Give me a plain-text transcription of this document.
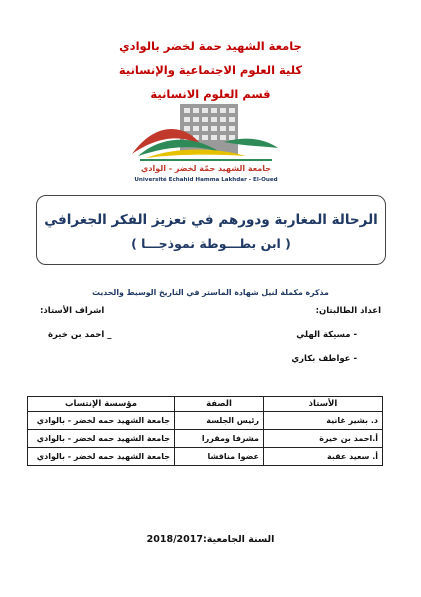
جامعة الشهيد حمة لخضر بالوادي
كلية العلوم الاجتماعية والإنسانية
قسم العلوم الانسانية
جامعة الشهيد حمّة لخضر - الوادي
Université Echahid Hamma Lakhdar - El-Oued
الرحالة المغاربة ودورهم في تعزيز الفكر الجغرافي
( ابن بطـــوطة نموذجـــا )
مذكرة مكملة لنيل شهادة الماستر في التاريخ الوسيط والحديث
اعداد الطالبتان:
- مسيكة الهلي
- عواطف بكاري
اشراف الأستاذ:
_ احمد بن خيرة
الأستاذ	الصفة	مؤسسة الإنتساب
د. بشير غانية	رئيس الجلسة	جامعة الشهيد حمه لخضر - بالوادي
أ.احمد بن خيرة	مشرفا ومقررا	جامعة الشهيد حمه لخضر - بالوادي
أ. سعيد عقبة	عضوا مناقشا	جامعة الشهيد حمه لخضر - بالوادي
السنة الجامعية:2018/2017
